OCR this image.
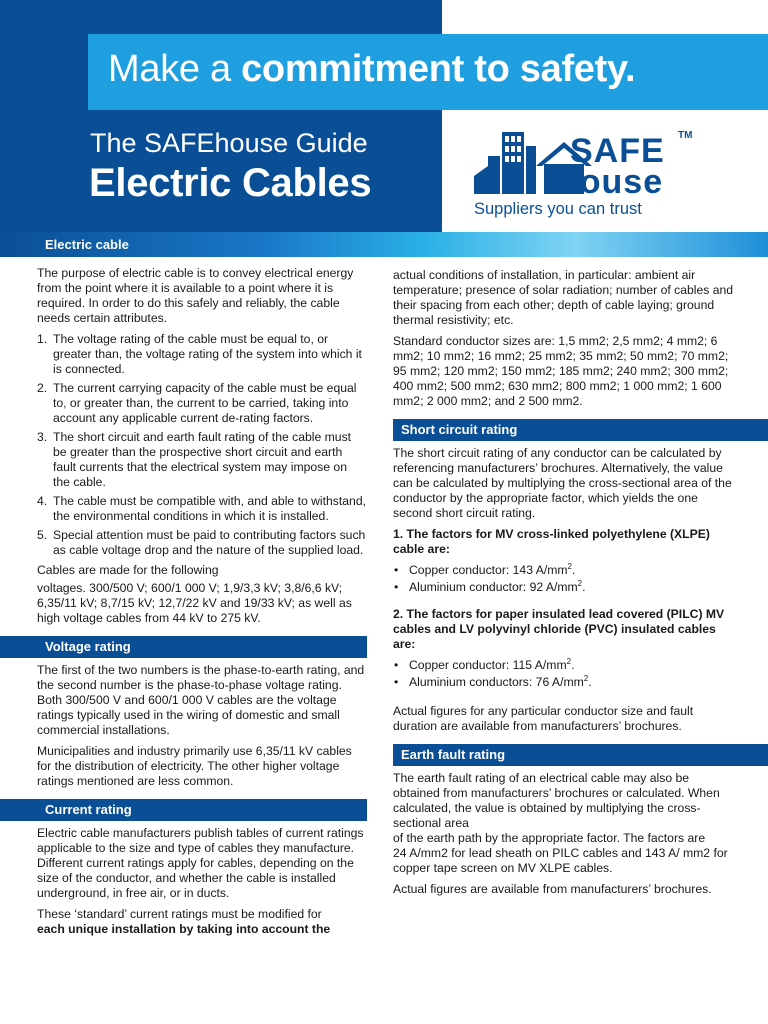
Make a commitment to safety.
The SAFEhouse Guide
Electric Cables
SAFE TM
house
Suppliers you can trust
Electric cable

The purpose of electric cable is to convey electrical energy from the point where it is available to a point where it is required. In order to do this safely and reliably, the cable needs certain attributes.

1. The voltage rating of the cable must be equal to, or greater than, the voltage rating of the system into which it is connected.
2. The current carrying capacity of the cable must be equal to, or greater than, the current to be carried, taking into account any applicable current de-rating factors.
3. The short circuit and earth fault rating of the cable must be greater than the prospective short circuit and earth fault currents that the electrical system may impose on the cable.
4. The cable must be compatible with, and able to withstand, the environmental conditions in which it is installed.
5. Special attention must be paid to contributing factors such as cable voltage drop and the nature of the supplied load.

Cables are made for the following

voltages. 300/500 V; 600/1 000 V; 1,9/3,3 kV; 3,8/6,6 kV; 6,35/11 kV; 8,7/15 kV; 12,7/22 kV and 19/33 kV; as well as high voltage cables from 44 kV to 275 kV.

Voltage rating

The first of the two numbers is the phase-to-earth rating, and the second number is the phase-to-phase voltage rating. Both 300/500 V and 600/1 000 V cables are the voltage ratings typically used in the wiring of domestic and small commercial installations.

Municipalities and industry primarily use 6,35/11 kV cables for the distribution of electricity. The other higher voltage ratings mentioned are less common.

Current rating

Electric cable manufacturers publish tables of current ratings applicable to the size and type of cables they manufacture. Different current ratings apply for cables, depending on the size of the conductor, and whether the cable is installed underground, in free air, or in ducts.

These ‘standard’ current ratings must be modified for
each unique installation by taking into account the

actual conditions of installation, in particular: ambient air temperature; presence of solar radiation; number of cables and their spacing from each other; depth of cable laying; ground thermal resistivity; etc.

Standard conductor sizes are: 1,5 mm2; 2,5 mm2; 4 mm2; 6 mm2; 10 mm2; 16 mm2; 25 mm2; 35 mm2; 50 mm2; 70 mm2; 95 mm2; 120 mm2; 150 mm2; 185 mm2; 240 mm2; 300 mm2; 400 mm2; 500 mm2; 630 mm2; 800 mm2; 1 000 mm2; 1 600 mm2; 2 000 mm2; and 2 500 mm2.

Short circuit rating

The short circuit rating of any conductor can be calculated by referencing manufacturers’ brochures. Alternatively, the value can be calculated by multiplying the cross-sectional area of the conductor by the appropriate factor, which yields the one second short circuit rating.

1. The factors for MV cross-linked polyethylene (XLPE) cable are:

• Copper conductor: 143 $A/mm^2$.
• Aluminium conductor: 92 $A/mm^2$.

2. The factors for paper insulated lead covered (PILC) MV cables and LV polyvinyl chloride (PVC) insulated cables are:

• Copper conductor: 115 $A/mm^2$.
• Aluminium conductors: 76 $A/mm^2$.

Actual figures for any particular conductor size and fault duration are available from manufacturers’ brochures.

Earth fault rating

The earth fault rating of an electrical cable may also be obtained from manufacturers’ brochures or calculated. When calculated, the value is obtained by multiplying the cross-sectional area
of the earth path by the appropriate factor. The factors are
24 A/mm2 for lead sheath on PILC cables and 143 A/ mm2 for copper tape screen on MV XLPE cables.

Actual figures are available from manufacturers’ brochures.
